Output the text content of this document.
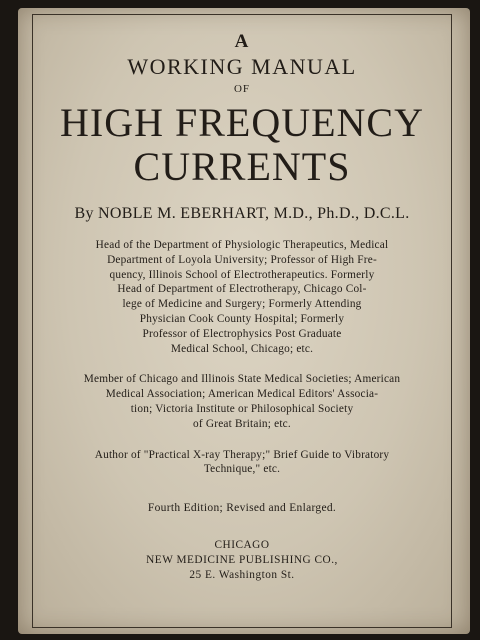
A
WORKING MANUAL
OF
HIGH FREQUENCY
CURRENTS
By NOBLE M. EBERHART, M.D., Ph.D., D.C.L.
Head of the Department of Physiologic Therapeutics, Medical
Department of Loyola University; Professor of High Fre-
quency, Illinois School of Electrotherapeutics. Formerly
Head of Department of Electrotherapy, Chicago Col-
lege of Medicine and Surgery; Formerly Attending
Physician Cook County Hospital; Formerly
Professor of Electrophysics Post Graduate
Medical School, Chicago; etc.
Member of Chicago and Illinois State Medical Societies; American
Medical Association; American Medical Editors' Associa-
tion; Victoria Institute or Philosophical Society
of Great Britain; etc.
Author of "Practical X-ray Therapy;" Brief Guide to Vibratory
Technique," etc.
Fourth Edition; Revised and Enlarged.
CHICAGO
NEW MEDICINE PUBLISHING CO.,
25 E. Washington St.
